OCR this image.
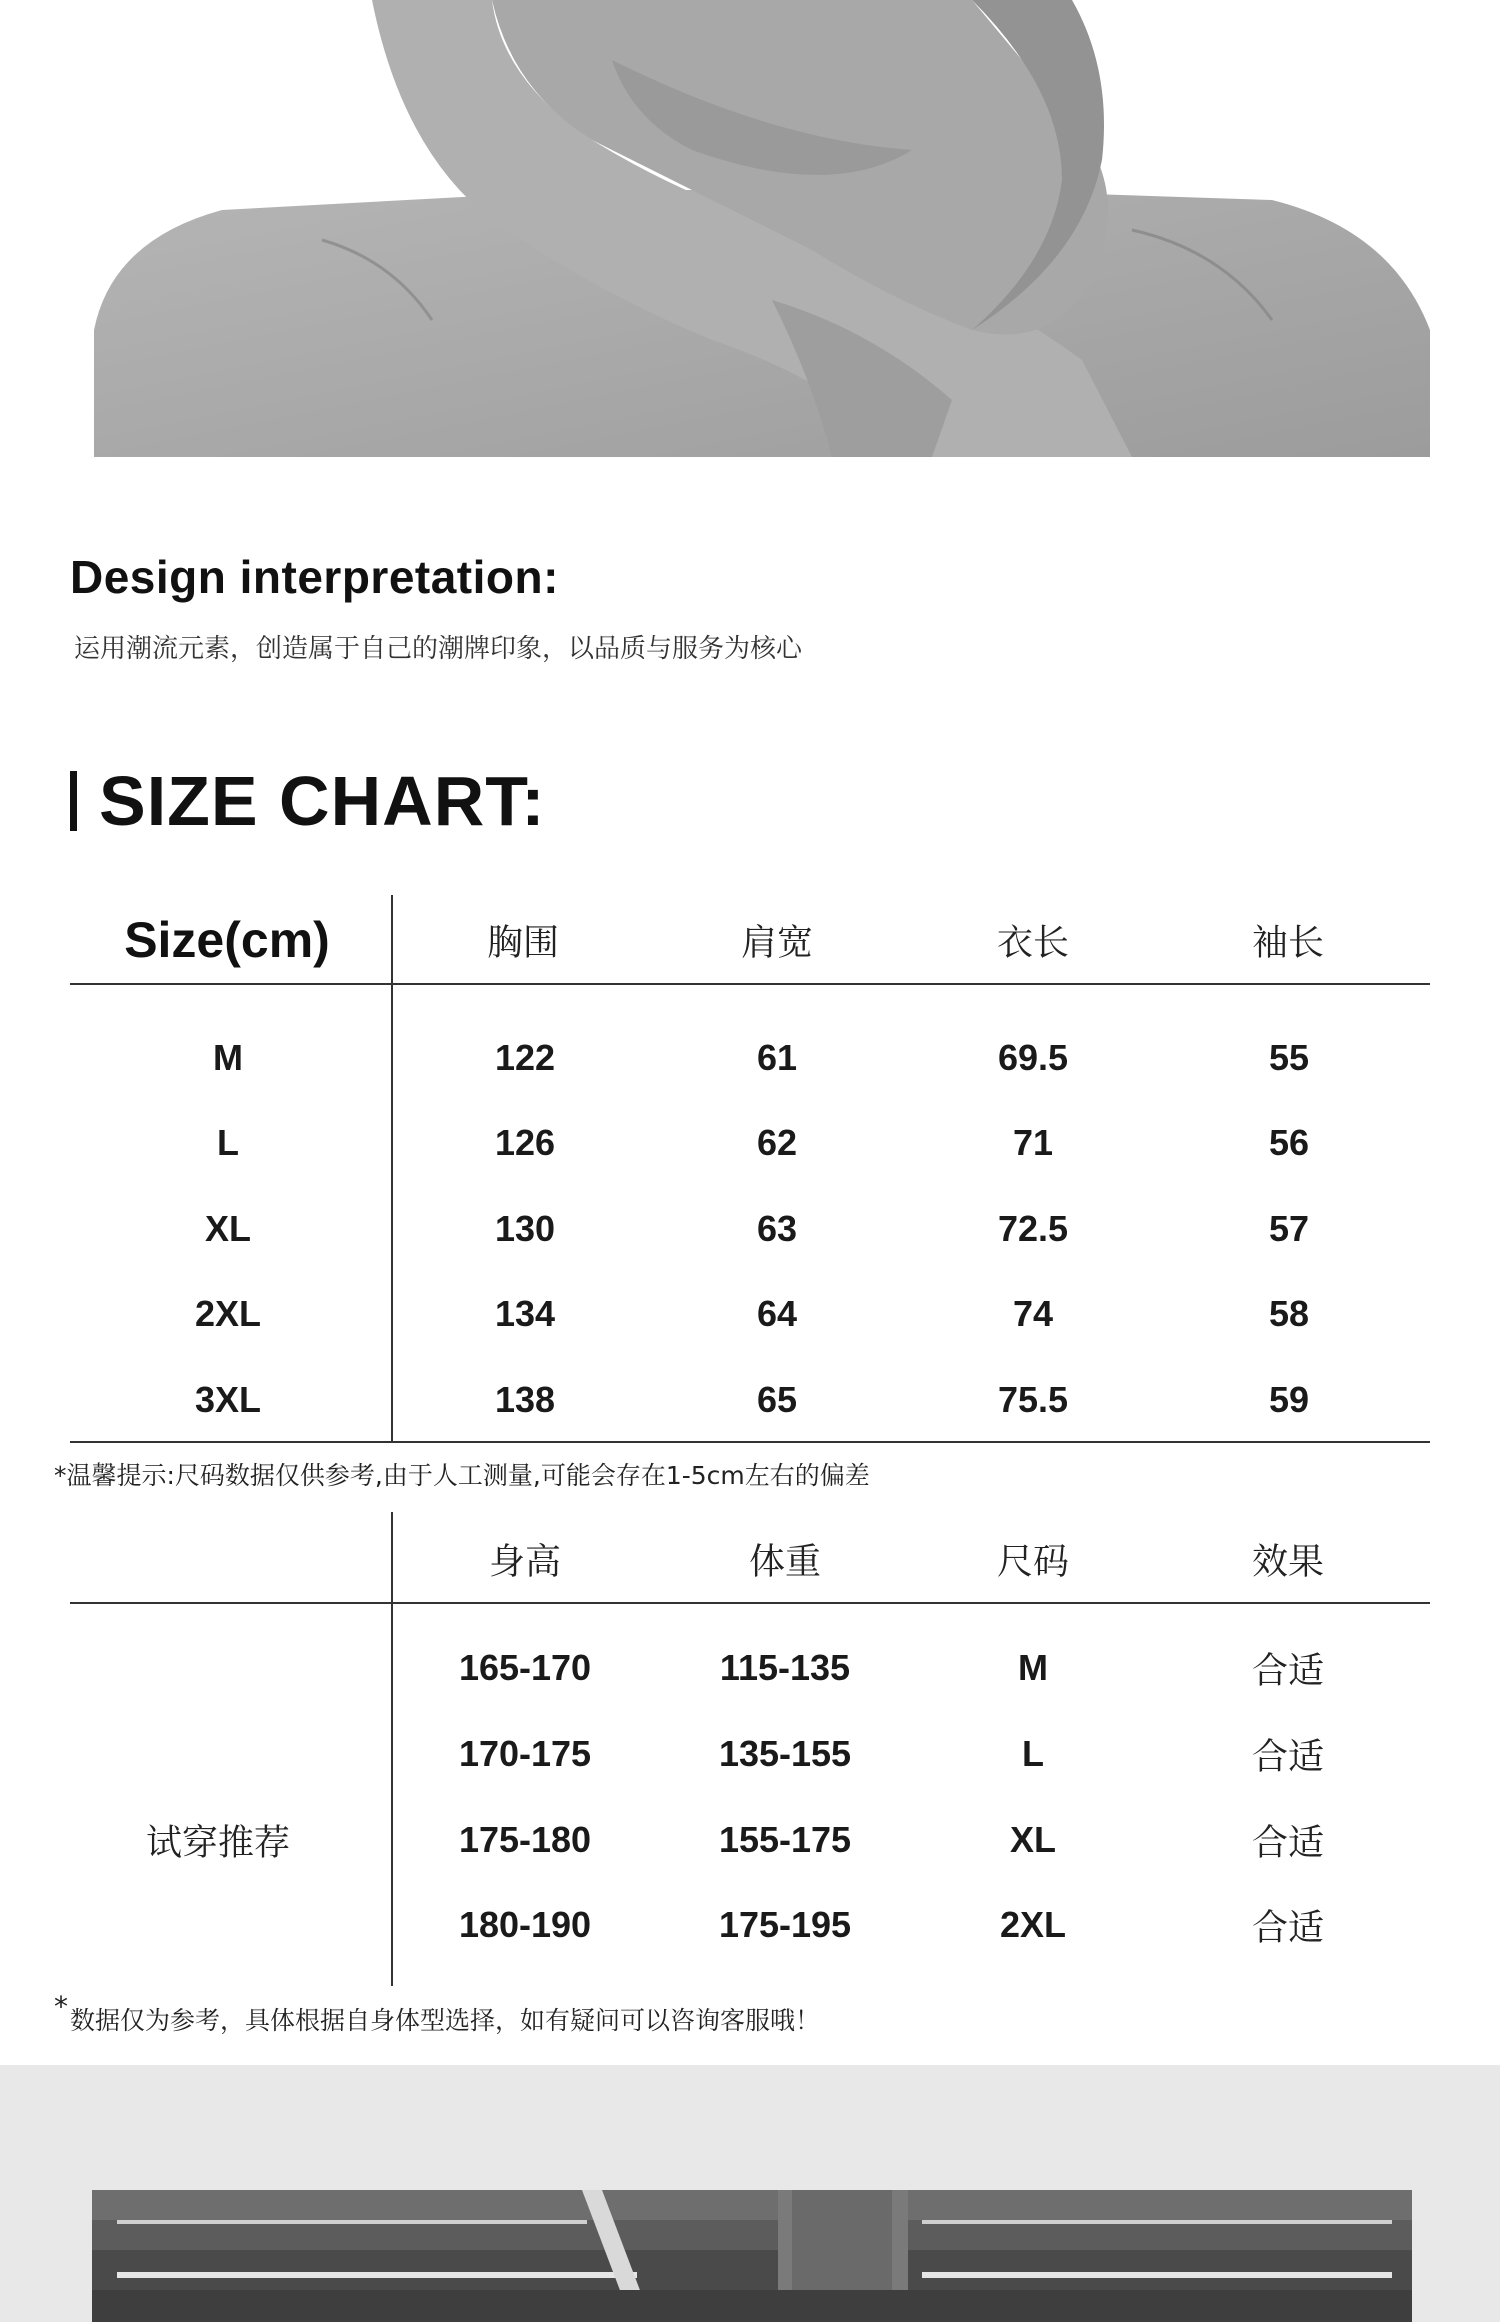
Design interpretation:
运用潮流元素，创造属于自己的潮牌印象，以品质与服务为核心
SIZE CHART:
Size(cm)	胸围	肩宽	衣长	袖长
M	122	61	69.5	55
L	126	62	71	56
XL	130	63	72.5	57
2XL	134	64	74	58
3XL	138	65	75.5	59
*温馨提示:尺码数据仅供参考,由于人工测量,可能会存在1-5cm左右的偏差
身高	体重	尺码	效果
试穿推荐
165-170	115-135	M	合适
170-175	135-155	L	合适
175-180	155-175	XL	合适
180-190	175-195	2XL	合适
* 数据仅为参考，具体根据自身体型选择，如有疑问可以咨询客服哦！
